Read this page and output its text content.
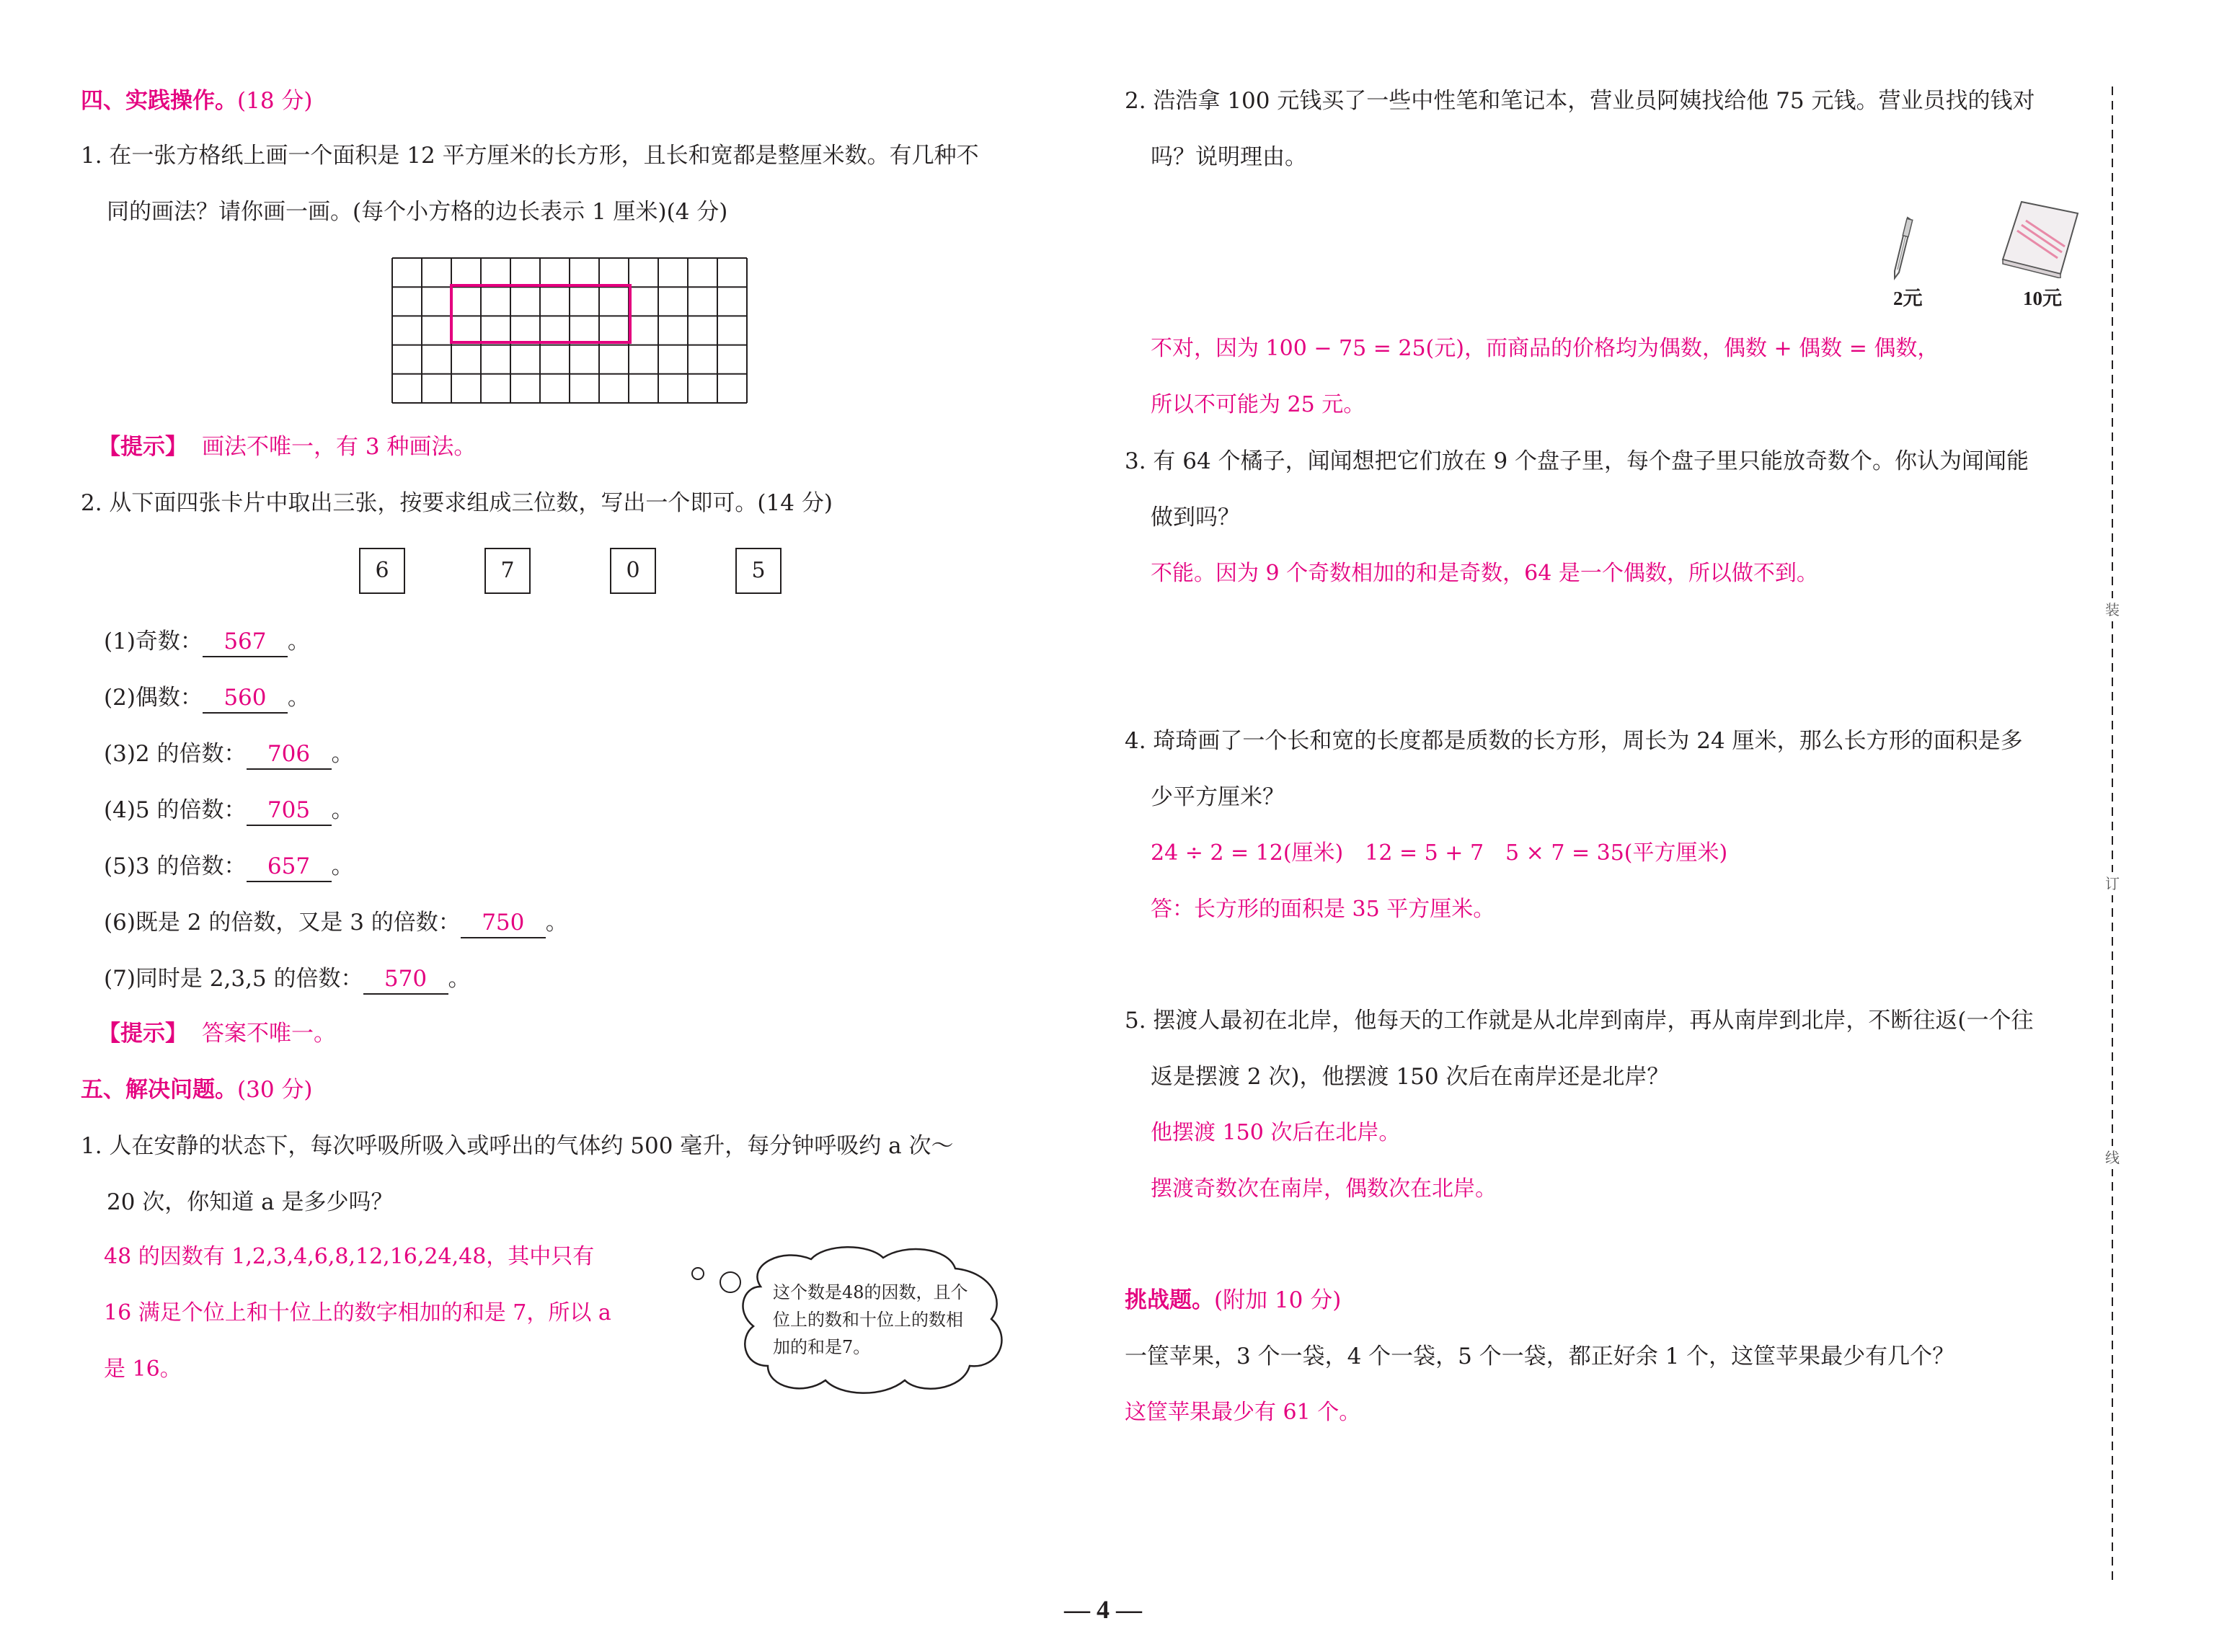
四、实践操作。(18 分)
1. 在一张方格纸上画一个面积是 12 平方厘米的长方形，且长和宽都是整厘米数。有几种不
同的画法？请你画一画。(每个小方格的边长表示 1 厘米)(4 分)
【提示】 画法不唯一，有 3 种画法。
2. 从下面四张卡片中取出三张，按要求组成三位数，写出一个即可。(14 分)
6	7	0	5
(1)奇数： 567 。
(2)偶数： 560 。
(3)2 的倍数： 706 。
(4)5 的倍数： 705 。
(5)3 的倍数： 657 。
(6)既是 2 的倍数，又是 3 的倍数： 750 。
(7)同时是 2,3,5 的倍数： 570 。
【提示】 答案不唯一。
五、解决问题。(30 分)
1. 人在安静的状态下，每次呼吸所吸入或呼出的气体约 500 毫升，每分钟呼吸约 a 次～
20 次，你知道 a 是多少吗？
48 的因数有 1,2,3,4,6,8,12,16,24,48，其中只有
16 满足个位上和十位上的数字相加的和是 7，所以 a
是 16。
这个数是48的因数，且个
位上的数和十位上的数相
加的和是7。
2. 浩浩拿 100 元钱买了一些中性笔和笔记本，营业员阿姨找给他 75 元钱。营业员找的钱对
吗？说明理由。
2元	10元
不对，因为 100 − 75 = 25(元)，而商品的价格均为偶数，偶数 + 偶数 = 偶数，
所以不可能为 25 元。
3. 有 64 个橘子，闻闻想把它们放在 9 个盘子里，每个盘子里只能放奇数个。你认为闻闻能
做到吗？
不能。因为 9 个奇数相加的和是奇数，64 是一个偶数，所以做不到。
4. 琦琦画了一个长和宽的长度都是质数的长方形，周长为 24 厘米，那么长方形的面积是多
少平方厘米？
24 ÷ 2 = 12(厘米)　12 = 5 + 7　5 × 7 = 35(平方厘米)
答：长方形的面积是 35 平方厘米。
5. 摆渡人最初在北岸，他每天的工作就是从北岸到南岸，再从南岸到北岸，不断往返(一个往
返是摆渡 2 次)，他摆渡 150 次后在南岸还是北岸？
他摆渡 150 次后在北岸。
摆渡奇数次在南岸，偶数次在北岸。
挑战题。(附加 10 分)
一筐苹果，3 个一袋，4 个一袋，5 个一袋，都正好余 1 个，这筐苹果最少有几个？
这筐苹果最少有 61 个。
装
订
线
— 4 —
